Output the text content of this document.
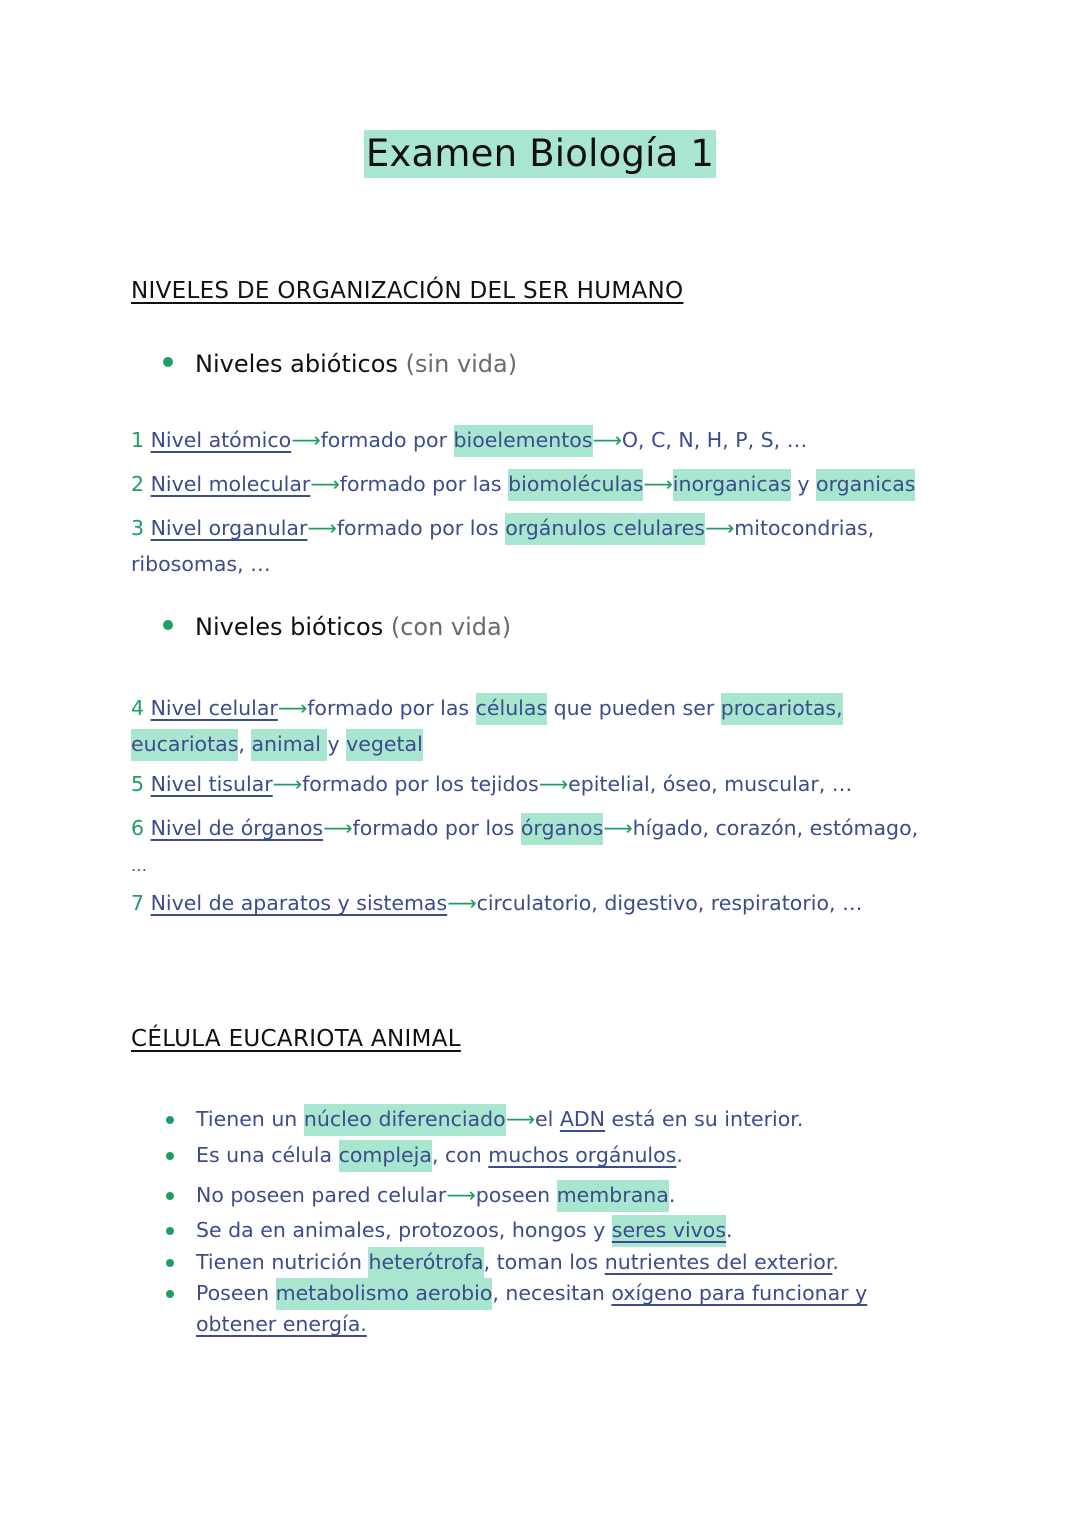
Examen Biología 1
NIVELES DE ORGANIZACIÓN DEL SER HUMANO
Niveles abióticos (sin vida)
1 Nivel atómico⟶formado por bioelementos⟶O, C, N, H, P, S, …
2 Nivel molecular⟶formado por las biomoléculas⟶inorganicas y organicas
3 Nivel organular⟶formado por los orgánulos celulares⟶mitocondrias,
ribosomas, …
Niveles bióticos (con vida)
4 Nivel celular⟶formado por las células que pueden ser procariotas,
eucariotas, animal y vegetal
5 Nivel tisular⟶formado por los tejidos⟶epitelial, óseo, muscular, …
6 Nivel de órganos⟶formado por los órganos⟶hígado, corazón, estómago,
…
7 Nivel de aparatos y sistemas⟶circulatorio, digestivo, respiratorio, …
CÉLULA EUCARIOTA ANIMAL
Tienen un núcleo diferenciado⟶el ADN está en su interior.
Es una célula compleja, con muchos orgánulos.
No poseen pared celular⟶poseen membrana.
Se da en animales, protozoos, hongos y seres vivos.
Tienen nutrición heterótrofa, toman los nutrientes del exterior.
Poseen metabolismo aerobio, necesitan oxígeno para funcionar y
obtener energía.
